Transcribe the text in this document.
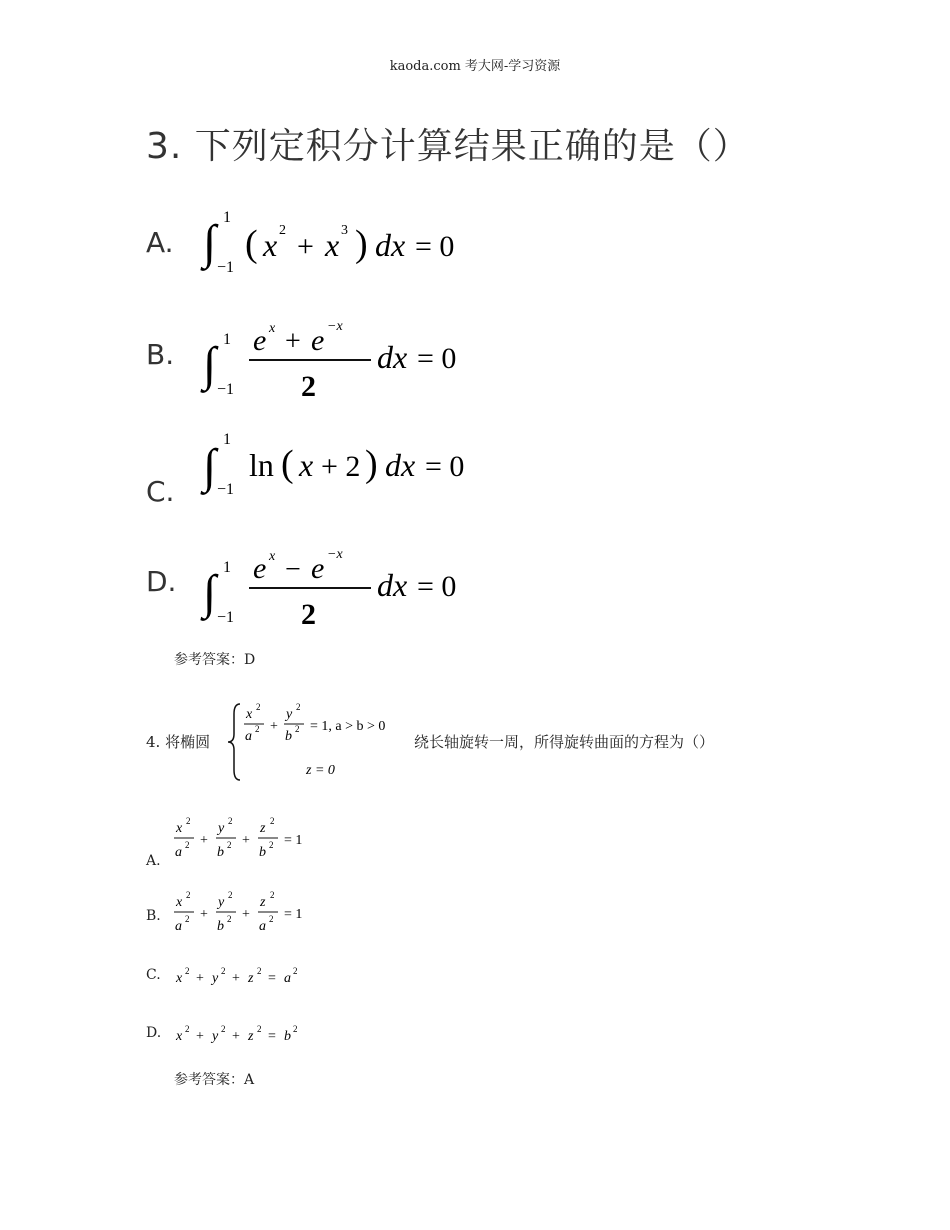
kaoda.com 考大网-学习资源
3. 下列定积分计算结果正确的是（）
A. ∫ 1
−1
( x 2 + x 3 ) dx = 0
B. ∫ 1
−1
e x + e −x
2
dx = 0
C. ∫
1
−1
ln ( x + 2 ) dx = 0
D. ∫ 1
−1
e x − e −x
2
dx = 0
参考答案：D
4. 将椭圆
x 2
a 2 +
y 2
b 2 = 1, a > b > 0
z = 0
绕长轴旋转一周，所得旋转曲面的方程为（）
A.
x 2
a 2 +
y 2
b 2 +
z 2
b 2 = 1
B.
x 2
a 2 +
y 2
b 2 +
z 2
a 2 = 1
C. x 2 + y 2 + z 2 = a 2
D. x 2 + y 2 + z 2 = b 2
参考答案：A
